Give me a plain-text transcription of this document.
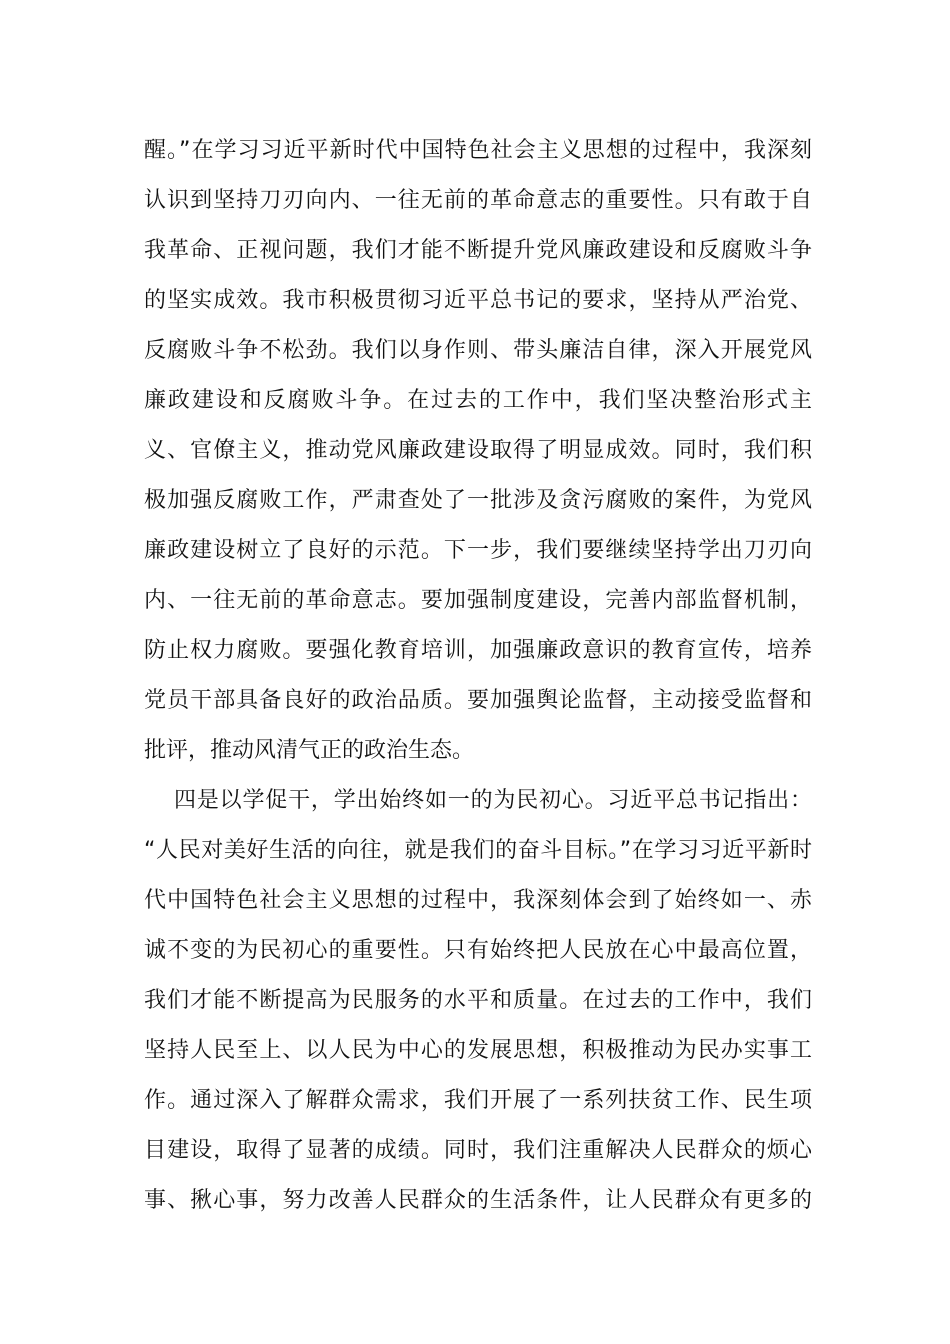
醒。”在学习习近平新时代中国特色社会主义思想的过程中，我深刻
认识到坚持刀刃向内、一往无前的革命意志的重要性。只有敢于自
我革命、正视问题，我们才能不断提升党风廉政建设和反腐败斗争
的坚实成效。我市积极贯彻习近平总书记的要求，坚持从严治党、
反腐败斗争不松劲。我们以身作则、带头廉洁自律，深入开展党风
廉政建设和反腐败斗争。在过去的工作中，我们坚决整治形式主
义、官僚主义，推动党风廉政建设取得了明显成效。同时，我们积
极加强反腐败工作，严肃查处了一批涉及贪污腐败的案件，为党风
廉政建设树立了良好的示范。下一步，我们要继续坚持学出刀刃向
内、一往无前的革命意志。要加强制度建设，完善内部监督机制，
防止权力腐败。要强化教育培训，加强廉政意识的教育宣传，培养
党员干部具备良好的政治品质。要加强舆论监督，主动接受监督和
批评，推动风清气正的政治生态。
四是以学促干，学出始终如一的为民初心。习近平总书记指出：
“人民对美好生活的向往，就是我们的奋斗目标。”在学习习近平新时
代中国特色社会主义思想的过程中，我深刻体会到了始终如一、赤
诚不变的为民初心的重要性。只有始终把人民放在心中最高位置，
我们才能不断提高为民服务的水平和质量。在过去的工作中，我们
坚持人民至上、以人民为中心的发展思想，积极推动为民办实事工
作。通过深入了解群众需求，我们开展了一系列扶贫工作、民生项
目建设，取得了显著的成绩。同时，我们注重解决人民群众的烦心
事、揪心事，努力改善人民群众的生活条件，让人民群众有更多的
